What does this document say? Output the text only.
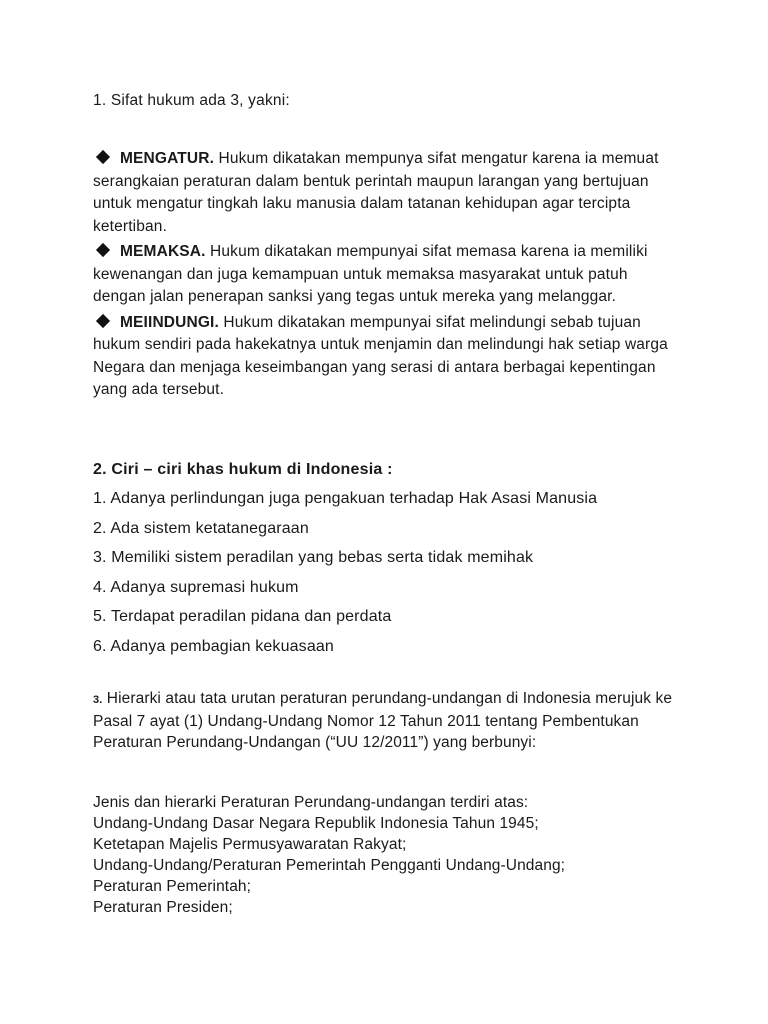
1. Sifat hukum ada 3, yakni:

MENGATUR. Hukum dikatakan mempunya sifat mengatur karena ia memuat serangkaian peraturan dalam bentuk perintah maupun larangan yang bertujuan untuk mengatur tingkah laku manusia dalam tatanan kehidupan agar tercipta ketertiban.

MEMAKSA. Hukum dikatakan mempunyai sifat memasa karena ia memiliki kewenangan dan juga kemampuan untuk memaksa masyarakat untuk patuh dengan jalan penerapan sanksi yang tegas untuk mereka yang melanggar.

MEIINDUNGI. Hukum dikatakan mempunyai sifat melindungi sebab tujuan hukum sendiri pada hakekatnya untuk menjamin dan melindungi hak setiap warga Negara dan menjaga keseimbangan yang serasi di antara berbagai kepentingan yang ada tersebut.

2. Ciri – ciri khas hukum di Indonesia :
1. Adanya perlindungan juga pengakuan terhadap Hak Asasi Manusia
2. Ada sistem ketatanegaraan
3. Memiliki sistem peradilan yang bebas serta tidak memihak
4. Adanya supremasi hukum
5. Terdapat peradilan pidana dan perdata
6. Adanya pembagian kekuasaan
3. Hierarki atau tata urutan peraturan perundang-undangan di Indonesia merujuk ke Pasal 7 ayat (1) Undang-Undang Nomor 12 Tahun 2011 tentang Pembentukan Peraturan Perundang-Undangan (“UU 12/2011”) yang berbunyi:
Jenis dan hierarki Peraturan Perundang-undangan terdiri atas:
Undang-Undang Dasar Negara Republik Indonesia Tahun 1945;
Ketetapan Majelis Permusyawaratan Rakyat;
Undang-Undang/Peraturan Pemerintah Pengganti Undang-Undang;
Peraturan Pemerintah;
Peraturan Presiden;
